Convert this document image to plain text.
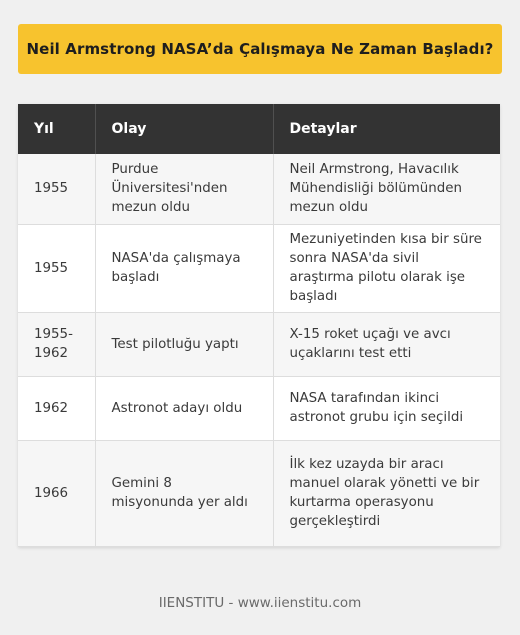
Neil Armstrong NASA’da Çalışmaya Ne Zaman Başladı?
Yıl	Olay	Detaylar
1955	Purdue Üniversitesi'nden mezun oldu	Neil Armstrong, Havacılık Mühendisliği bölümünden mezun oldu
1955	NASA'da çalışmaya başladı	Mezuniyetinden kısa bir süre sonra NASA'da sivil araştırma pilotu olarak işe başladı
1955-1962	Test pilotluğu yaptı	X-15 roket uçağı ve avcı uçaklarını test etti
1962	Astronot adayı oldu	NASA tarafından ikinci astronot grubu için seçildi
1966	Gemini 8 misyonunda yer aldı	İlk kez uzayda bir aracı manuel olarak yönetti ve bir kurtarma operasyonu gerçekleştirdi
IIENSTITU - www.iienstitu.com
